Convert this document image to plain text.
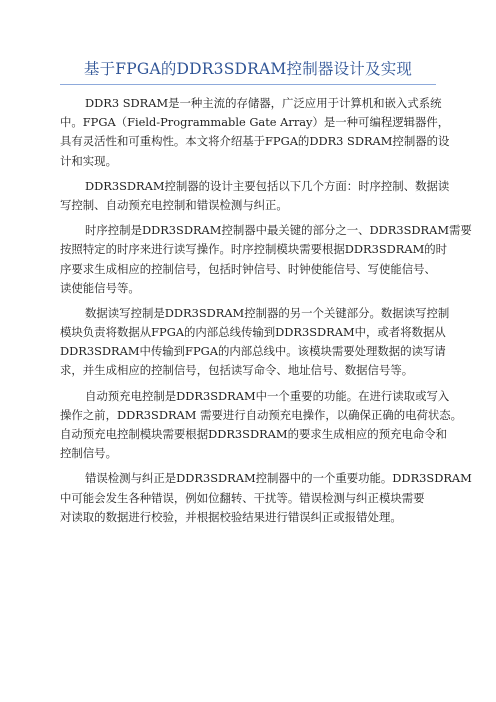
基于FPGA的DDR3SDRAM控制器设计及实现
DDR3 SDRAM是一种主流的存储器，广泛应用于计算机和嵌入式系统
中。FPGA（Field-Programmable Gate Array）是一种可编程逻辑器件，
具有灵活性和可重构性。本文将介绍基于FPGA的DDR3 SDRAM控制器的设
计和实现。
DDR3SDRAM控制器的设计主要包括以下几个方面：时序控制、数据读
写控制、自动预充电控制和错误检测与纠正。
时序控制是DDR3SDRAM控制器中最关键的部分之一、DDR3SDRAM需要
按照特定的时序来进行读写操作。时序控制模块需要根据DDR3SDRAM的时
序要求生成相应的控制信号，包括时钟信号、时钟使能信号、写使能信号、
读使能信号等。
数据读写控制是DDR3SDRAM控制器的另一个关键部分。数据读写控制
模块负责将数据从FPGA的内部总线传输到DDR3SDRAM中，或者将数据从
DDR3SDRAM中传输到FPGA的内部总线中。该模块需要处理数据的读写请
求，并生成相应的控制信号，包括读写命令、地址信号、数据信号等。
自动预充电控制是DDR3SDRAM中一个重要的功能。在进行读取或写入
操作之前，DDR3SDRAM 需要进行自动预充电操作，以确保正确的电荷状态。
自动预充电控制模块需要根据DDR3SDRAM的要求生成相应的预充电命令和
控制信号。
错误检测与纠正是DDR3SDRAM控制器中的一个重要功能。DDR3SDRAM
中可能会发生各种错误，例如位翻转、干扰等。错误检测与纠正模块需要
对读取的数据进行校验，并根据校验结果进行错误纠正或报错处理。
